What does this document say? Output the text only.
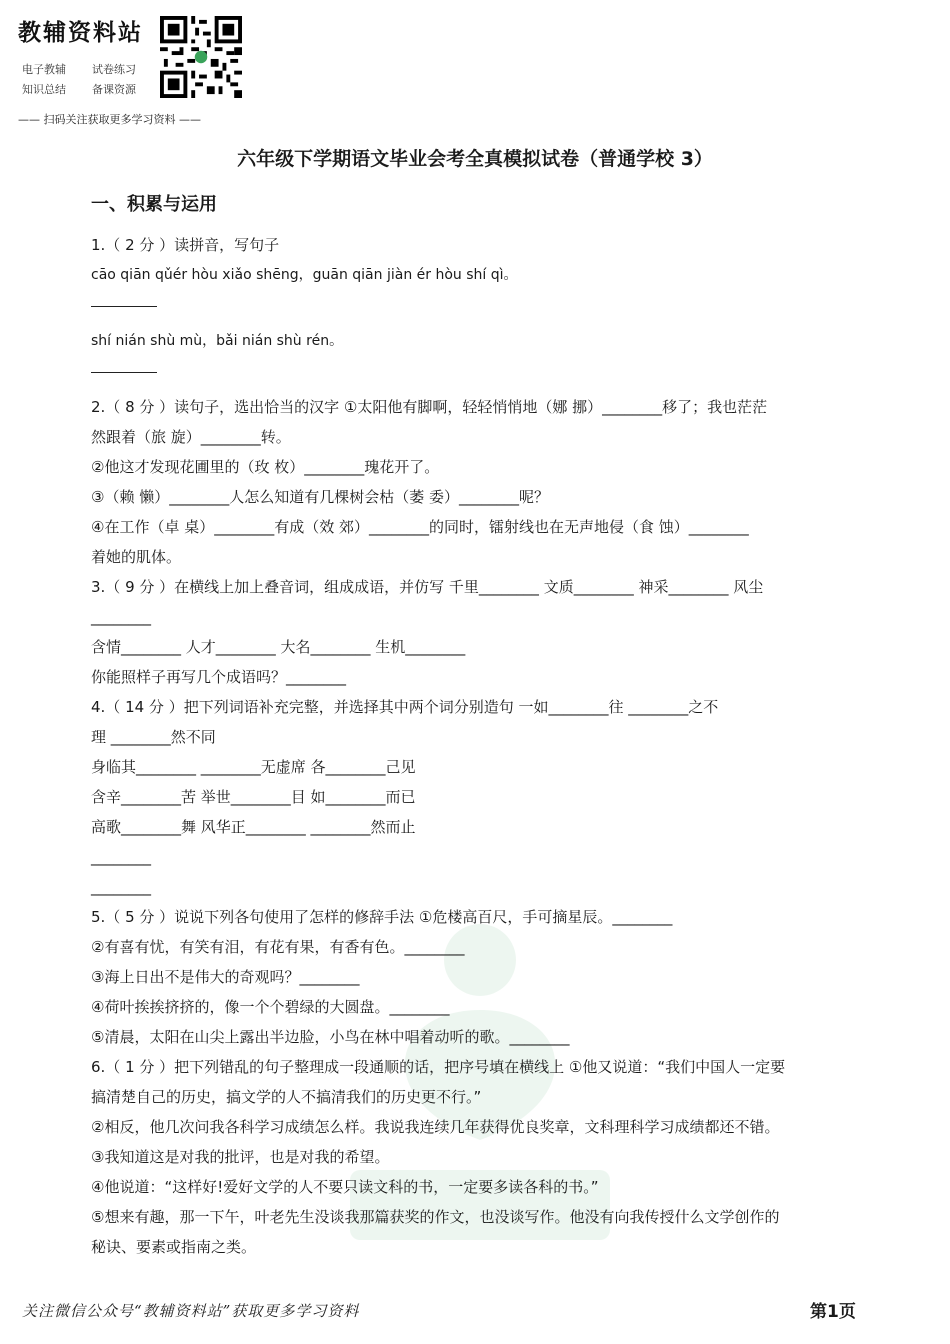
教辅资料站
电子教辅 试卷练习
知识总结 备课资源
—— 扫码关注获取更多学习资料 ——
六年级下学期语文毕业会考全真模拟试卷（普通学校 3）
一、积累与运用
1.（ 2 分 ）读拼音，写句子
cāo qiān qǔér hòu xiǎo shēng，guān qiān jiàn ér hòu shí qì。
shí nián shù mù，bǎi nián shù rén。
2.（ 8 分 ）读句子，选出恰当的汉字 ①太阳他有脚啊，轻轻悄悄地（娜 挪）________移了；我也茫茫
然跟着（旅 旋）________转。
②他这才发现花圃里的（玫 枚）________瑰花开了。
③（赖 懒）________人怎么知道有几棵树会枯（萎 委）________呢？
④在工作（卓 桌）________有成（效 郊）________的同时，镭射线也在无声地侵（食 蚀）________
着她的肌体。
3.（ 9 分 ）在横线上加上叠音词，组成成语，并仿写 千里________ 文质________ 神采________ 风尘
________
含情________ 人才________ 大名________ 生机________
你能照样子再写几个成语吗？________
4.（ 14 分 ）把下列词语补充完整，并选择其中两个词分别造句 一如________往 ________之不
理 ________然不同
身临其________ ________无虚席 各________己见
含辛________苦 举世________目 如________而已
高歌________舞 风华正________ ________然而止
________
________
5.（ 5 分 ）说说下列各句使用了怎样的修辞手法 ①危楼高百尺，手可摘星辰。________
②有喜有忧，有笑有泪，有花有果，有香有色。________
③海上日出不是伟大的奇观吗？________
④荷叶挨挨挤挤的，像一个个碧绿的大圆盘。________
⑤清晨，太阳在山尖上露出半边脸，小鸟在林中唱着动听的歌。________
6.（ 1 分 ）把下列错乱的句子整理成一段通顺的话，把序号填在横线上 ①他又说道：“我们中国人一定要
搞清楚自己的历史，搞文学的人不搞清我们的历史更不行。”
②相反，他几次问我各科学习成绩怎么样。我说我连续几年获得优良奖章，文科理科学习成绩都还不错。
③我知道这是对我的批评，也是对我的希望。
④他说道：“这样好!爱好文学的人不要只读文科的书，一定要多读各科的书。”
⑤想来有趣，那一下午，叶老先生没谈我那篇获奖的作文，也没谈写作。他没有向我传授什么文学创作的
秘诀、要素或指南之类。
关注微信公众号“教辅资料站”获取更多学习资料	第1页
